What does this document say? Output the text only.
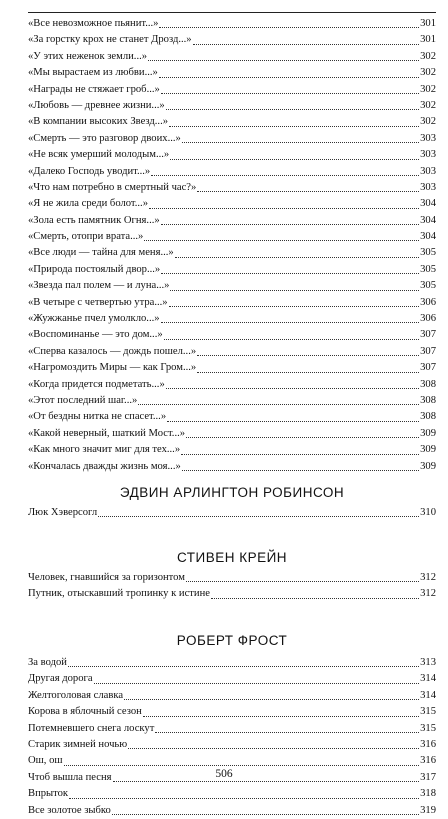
«Все невозможное пьянит...»	301
«За горстку крох не станет Дрозд...»	301
«У этих неженок земли...»	302
«Мы вырастаем из любви...»	302
«Награды не стяжает гроб...»	302
«Любовь — древнее жизни...»	302
«В компании высоких Звезд...»	302
«Смерть — это разговор двоих...»	303
«Не всяк умерший молодым...»	303
«Далеко Господь уводит...»	303
«Что нам потребно в смертный час?»	303
«Я не жила среди болот...»	304
«Зола есть памятник Огня...»	304
«Смерть, отопри врата...»	304
«Все люди — тайна для меня...»	305
«Природа постоялый двор...»	305
«Звезда пал полем — и луна...»	305
«В четыре с четвертью утра...»	306
«Жужжанье пчел умолкло...»	306
«Воспоминанье — это дом...»	307
«Сперва казалось — дождь пошел...»	307
«Нагромоздить Миры — как Гром...»	307
«Когда придется подметать...»	308
«Этот последний шаг...»	308
«От бездны нитка не спасет...»	308
«Какой неверный, шаткий Мост...»	309
«Как много значит миг для тех...»	309
«Кончалась дважды жизнь моя...»	309
ЭДВИН АРЛИНГТОН РОБИНСОН
Люк Хэверсогл	310
СТИВЕН КРЕЙН
Человек, гнавшийся за горизонтом	312
Путник, отыскавший тропинку к истине	312
РОБЕРТ ФРОСТ
За водой	313
Другая дорога	314
Желтоголовая славка	314
Корова в яблочный сезон	315
Потемневшего снега лоскут	315
Старик зимней ночью	316
Ош, ош	316
Чтоб вышла песня	317
Впрыток	318
Все золотое зыбко	319
506
